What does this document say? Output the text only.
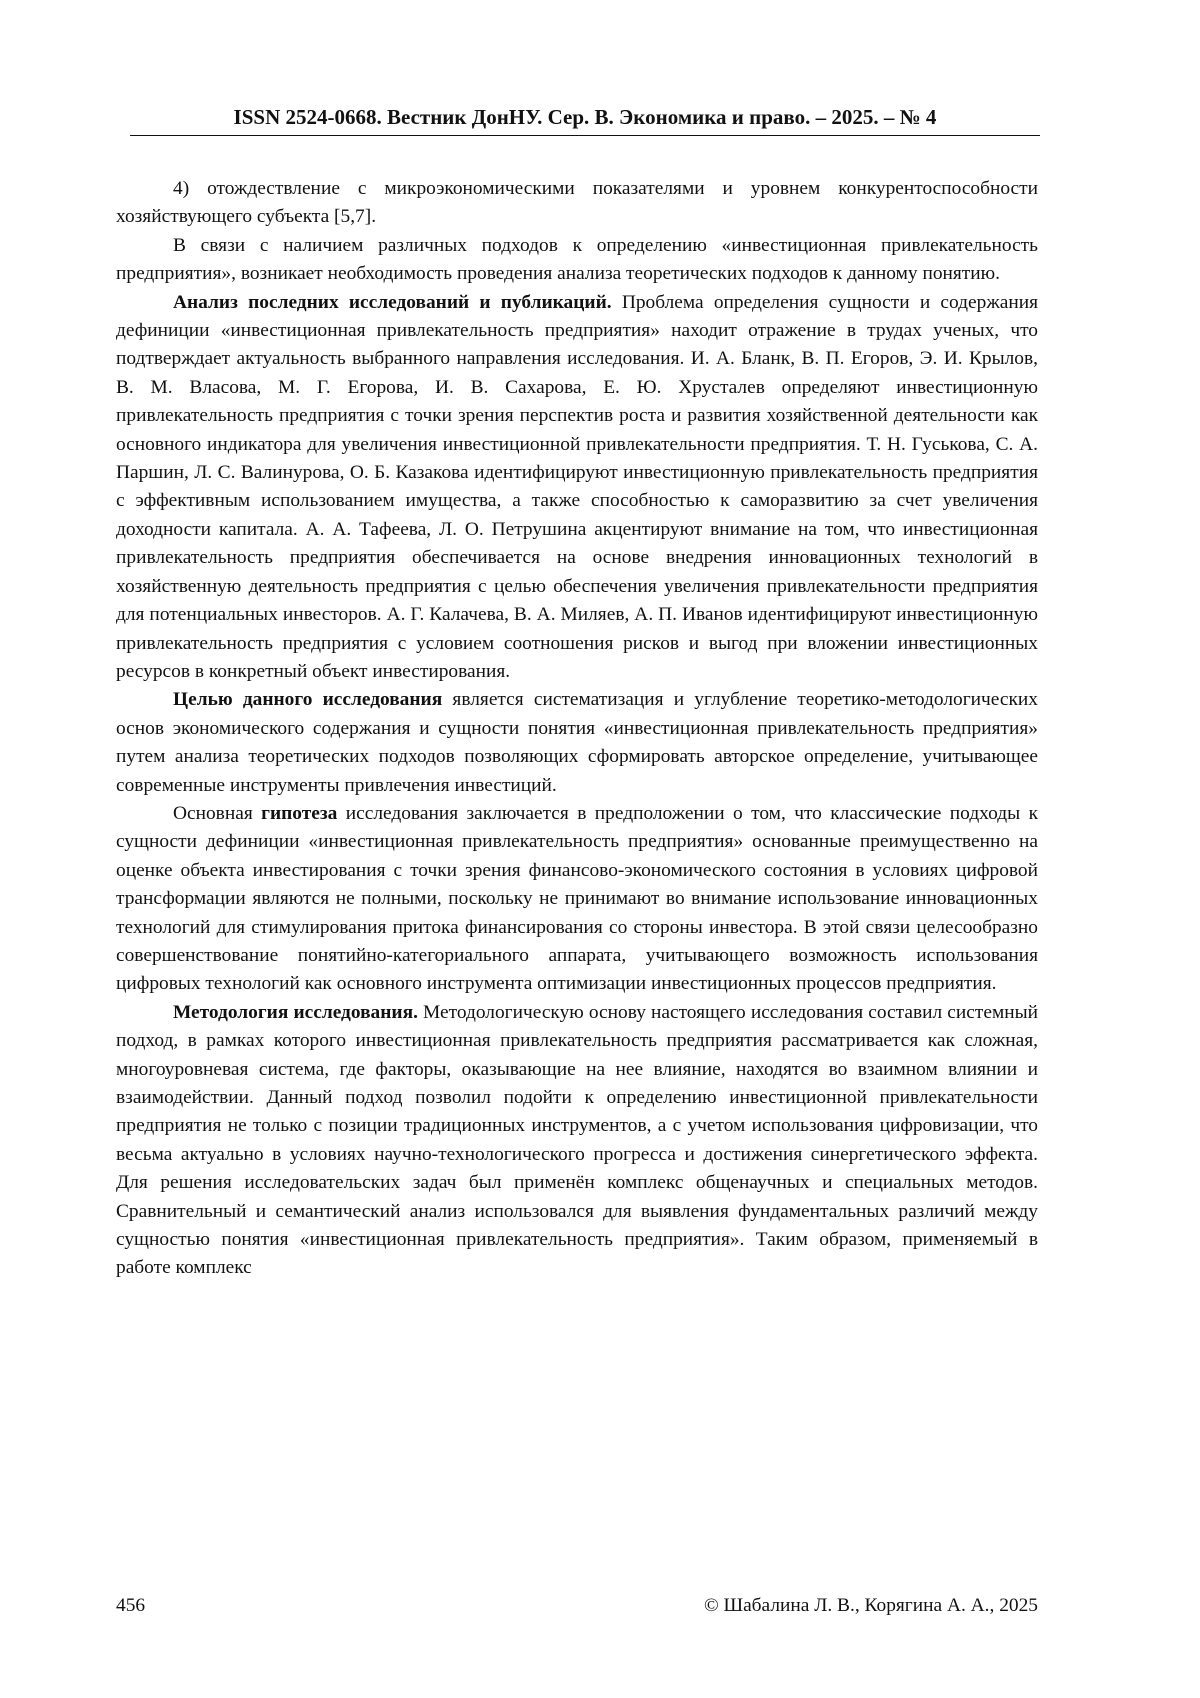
ISSN 2524-0668. Вестник ДонНУ. Сер. В. Экономика и право. – 2025. – № 4

4) отождествление с микроэкономическими показателями и уровнем конкурентоспособности хозяйствующего субъекта [5,7].

В связи с наличием различных подходов к определению «инвестиционная привлекательность предприятия», возникает необходимость проведения анализа теоретических подходов к данному понятию.

Анализ последних исследований и публикаций. Проблема определения сущности и содержания дефиниции «инвестиционная привлекательность предприятия» находит отражение в трудах ученых, что подтверждает актуальность выбранного направления исследования. И. А. Бланк, В. П. Егоров, Э. И. Крылов, В. М. Власова, М. Г. Егорова, И. В. Сахарова, Е. Ю. Хрусталев определяют инвестиционную привлекательность предприятия с точки зрения перспектив роста и развития хозяйственной деятельности как основного индикатора для увеличения инвестиционной привлекательности предприятия. Т. Н. Гуськова, С. А. Паршин, Л. С. Валинурова, О. Б. Казакова идентифицируют инвестиционную привлекательность предприятия с эффективным использованием имущества, а также способностью к саморазвитию за счет увеличения доходности капитала. А. А. Тафеева, Л. О. Петрушина акцентируют внимание на том, что инвестиционная привлекательность предприятия обеспечивается на основе внедрения инновационных технологий в хозяйственную деятельность предприятия с целью обеспечения увеличения привлекательности предприятия для потенциальных инвесторов. А. Г. Калачева, В. А. Миляев, А. П. Иванов идентифицируют инвестиционную привлекательность предприятия с условием соотношения рисков и выгод при вложении инвестиционных ресурсов в конкретный объект инвестирования.

Целью данного исследования является систематизация и углубление теоретико-методологических основ экономического содержания и сущности понятия «инвестиционная привлекательность предприятия» путем анализа теоретических подходов позволяющих сформировать авторское определение, учитывающее современные инструменты привлечения инвестиций.

Основная гипотеза исследования заключается в предположении о том, что классические подходы к сущности дефиниции «инвестиционная привлекательность предприятия» основанные преимущественно на оценке объекта инвестирования с точки зрения финансово-экономического состояния в условиях цифровой трансформации являются не полными, поскольку не принимают во внимание использование инновационных технологий для стимулирования притока финансирования со стороны инвестора. В этой связи целесообразно совершенствование понятийно-категориального аппарата, учитывающего возможность использования цифровых технологий как основного инструмента оптимизации инвестиционных процессов предприятия.

Методология исследования. Методологическую основу настоящего исследования составил системный подход, в рамках которого инвестиционная привлекательность предприятия рассматривается как сложная, многоуровневая система, где факторы, оказывающие на нее влияние, находятся во взаимном влиянии и взаимодействии. Данный подход позволил подойти к определению инвестиционной привлекательности предприятия не только с позиции традиционных инструментов, а с учетом использования цифровизации, что весьма актуально в условиях научно-технологического прогресса и достижения синергетического эффекта. Для решения исследовательских задач был применён комплекс общенаучных и специальных методов. Сравнительный и семантический анализ использовался для выявления фундаментальных различий между сущностью понятия «инвестиционная привлекательность предприятия». Таким образом, применяемый в работе комплекс

456	© Шабалина Л. В., Корягина А. А., 2025
